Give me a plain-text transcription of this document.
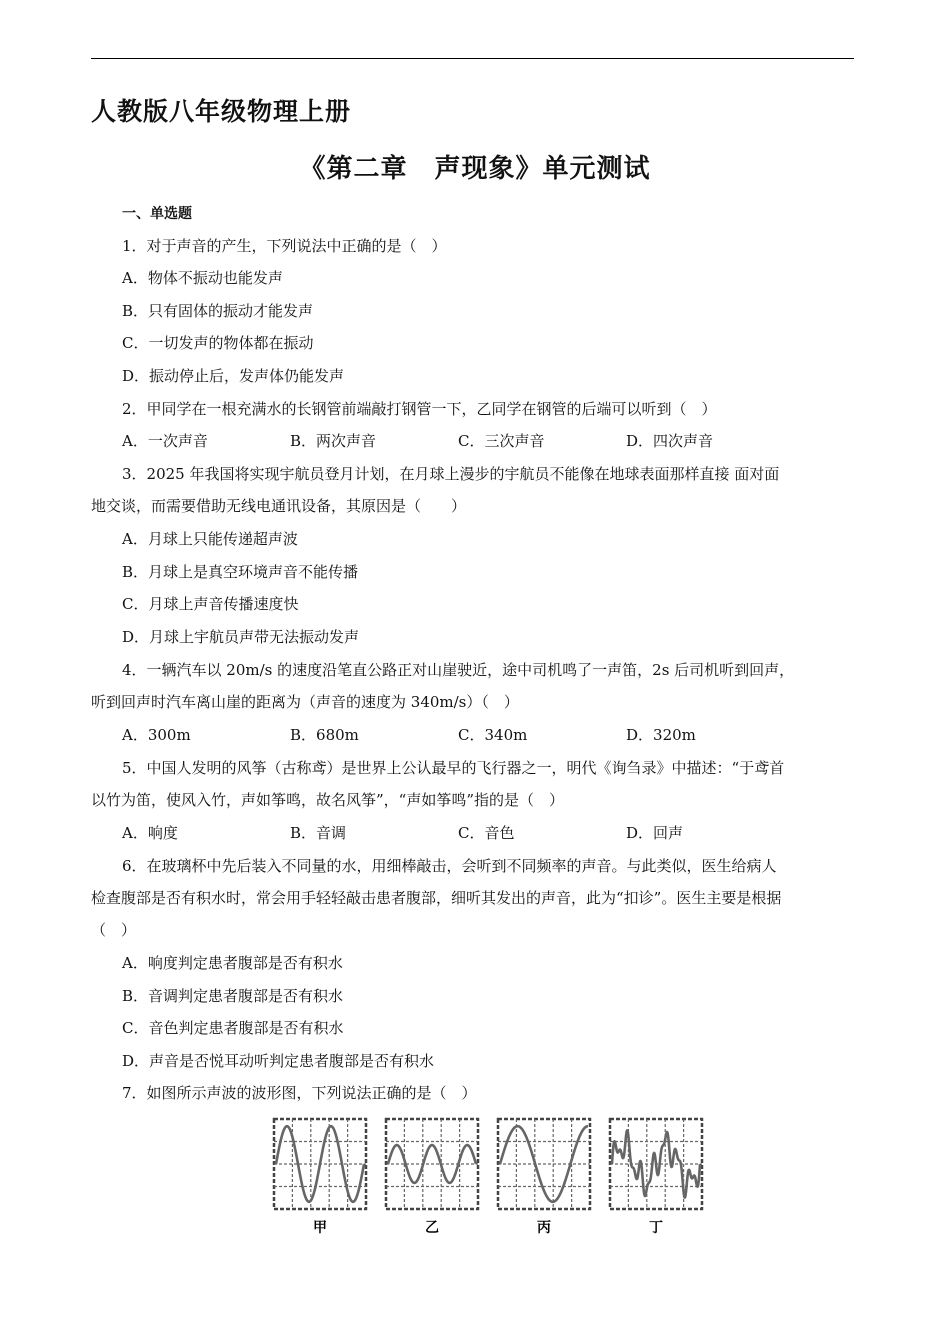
人教版八年级物理上册
《第二章　声现象》单元测试
一、单选题
1．对于声音的产生，下列说法中正确的是（　）
A．物体不振动也能发声
B．只有固体的振动才能发声
C．一切发声的物体都在振动
D．振动停止后，发声体仍能发声
2．甲同学在一根充满水的长钢管前端敲打钢管一下，乙同学在钢管的后端可以听到（　）
A．一次声音	B．两次声音	C．三次声音	D．四次声音
3．2025 年我国将实现宇航员登月计划，在月球上漫步的宇航员不能像在地球表面那样直接 面对面
地交谈，而需要借助无线电通讯设备，其原因是（　　）
A．月球上只能传递超声波
B．月球上是真空环境声音不能传播
C．月球上声音传播速度快
D．月球上宇航员声带无法振动发声
4．一辆汽车以 20m/s 的速度沿笔直公路正对山崖驶近，途中司机鸣了一声笛，2s 后司机听到回声，
听到回声时汽车离山崖的距离为（声音的速度为 340m/s）（　）
A．300m	B．680m	C．340m	D．320m
5．中国人发明的风筝（古称鸢）是世界上公认最早的飞行器之一，明代《询刍录》中描述：“于鸢首
以竹为笛，使风入竹，声如筝鸣，故名风筝”，“声如筝鸣”指的是（　）
A．响度	B．音调	C．音色	D．回声
6．在玻璃杯中先后装入不同量的水，用细棒敲击，会听到不同频率的声音。与此类似，医生给病人
检查腹部是否有积水时，常会用手轻轻敲击患者腹部，细听其发出的声音，此为“扣诊”。医生主要是根据
（　）
A．响度判定患者腹部是否有积水
B．音调判定患者腹部是否有积水
C．音色判定患者腹部是否有积水
D．声音是否悦耳动听判定患者腹部是否有积水
7．如图所示声波的波形图，下列说法正确的是（　）
甲	乙	丙	丁
